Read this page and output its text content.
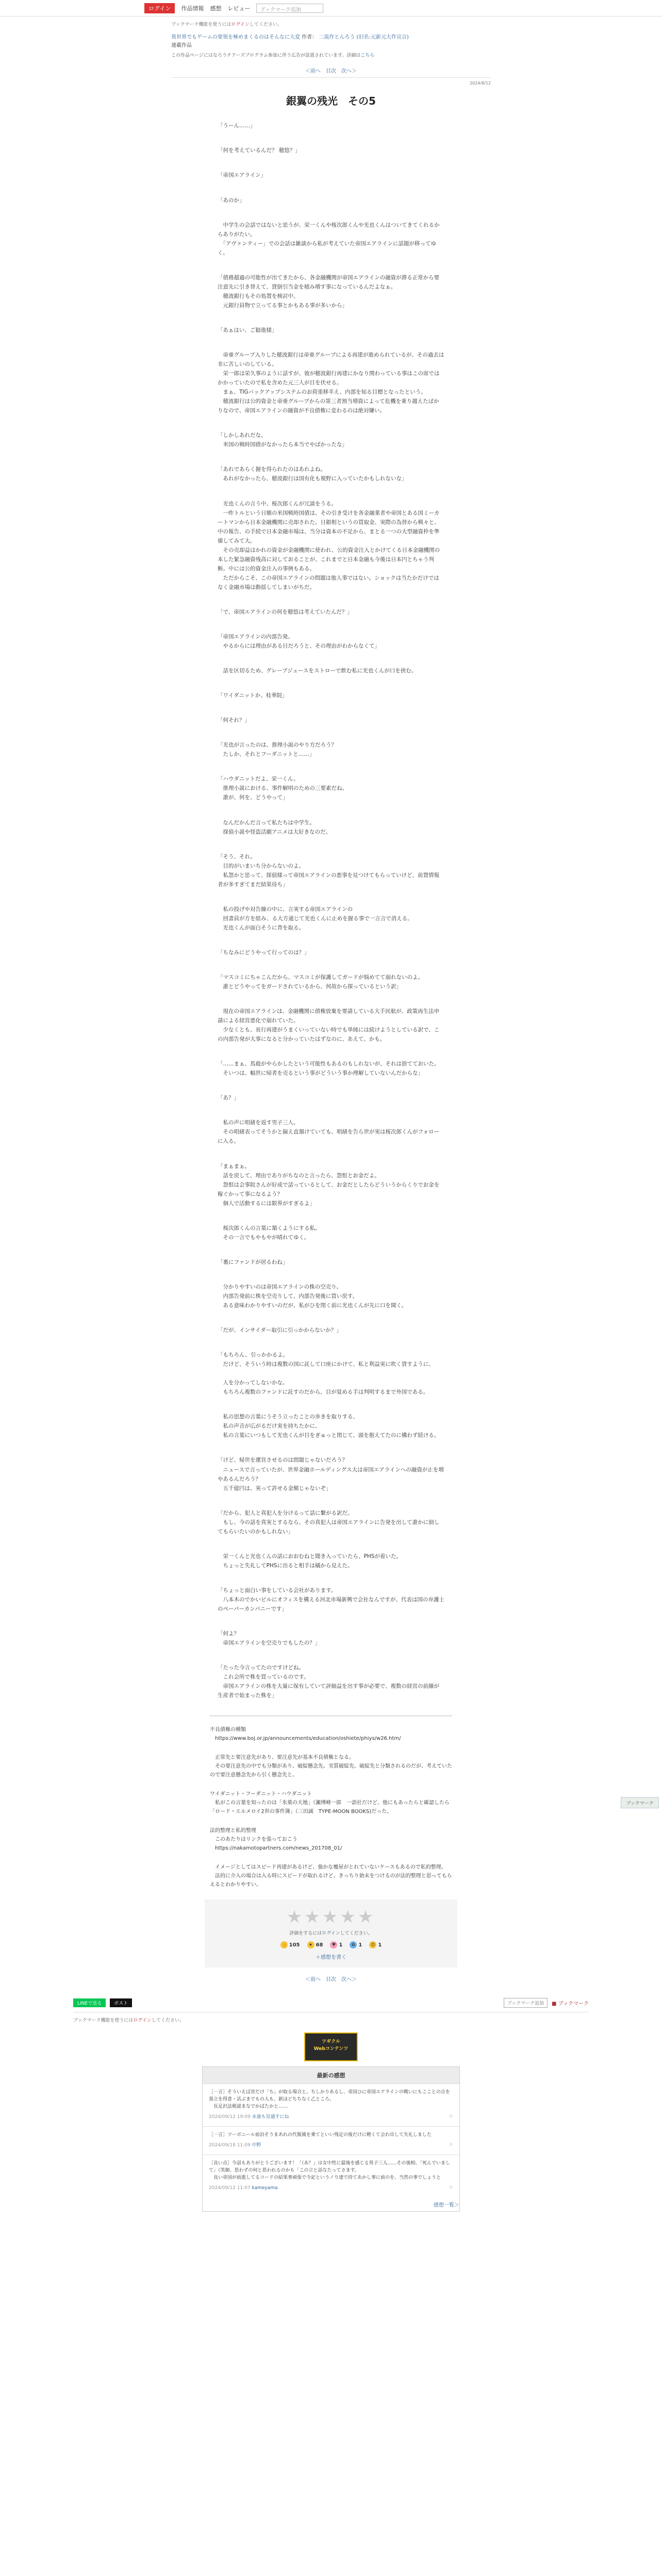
ログイン	作品情報 感想 レビュー	ブックマーク追加
ブックマーク機能を使うにはログインしてください。
異世界でもゲームの要領を極めまくるのはそんなに大変 作者： 二流作とんろう (旧名:元新元大作宣言)
連載作品
この作品ページにはなろうチアーズプログラム参加に伴う広告が設置されています。詳細はこちら
＜前へ 目次 次へ＞
2024/8/12
銀翼の残光　その5

「うーん……」

「何を考えているんだ？ 穂悠？」

「帝国エアライン」

「あのか」

　中学生の会話ではないと思うが、栄一くんや桜次郎くんや光也くんはついてきてくれるからありがたい。
　「アヴァンティー」での会話は雑談から私が考えていた帝国エアラインに話題が移ってゆく。

「債務超過の可能性が出てきたから、各金融機関が帝国エアラインの融資が滞る正常から要注意先に引き替えて、貸倒引当金を積み増す事になっているんだよなぁ。
　穂波銀行もその処置を検討中。
　元銀行員物で立ってる事とかもある事が多いから」

「あぁはい、ご勧進様」

　帝亜グループ入りした穂波銀行は帝亜グループによる再建が進められているが、その過去は非に苦しいのしている。
　栄一郎は栄久事のように話すが、彼が穂波銀行再建にかなり関わっている事はこの席ではかかっていたので私を含めた元三人が目を伏せる。
　まぁ、TIGバックアップシステムのお荷重移半え、内部を知る目標となったという。
　穂波銀行は公的資金と帝亜グループからの第三者割当増資によって危機を乗り越えたばかりなので、帝国エアラインの融資が不良債権に変わるのは絶対嫌い。

「しかしあれだな。
　米国の戦時国債がなかったら本当でやばかったな」

「あれであらく握を得られたのはあれよね。
　あれがなかったら、穂波銀行は国有化も視野に入っていたかもしれないな」

　光也くんの言う中、桜次郎くんが冗談をうる。
　一昨トルという日額の米国戦時国債は、その引き受けを各金融業者や帝国とある国ミーカートマンから日本金融機関に売却された。日銀相というの買取金、実際の為替から戦々と、中の報告、の手続で日本金融市場は、当分は資本の不足から、まとる一つの大型融資枠を準備してみて大。
　その売却益はかれの資金が金融機関に使われ、公的資金注入とかけてくる日本金融機関の本した緊急融資残高に対しておることが、これまでと日本金融も今後は日本円とちゃう判断。中には公的資金注入の事例もある。
　ただからこそ、この帝国エアラインの問題は他人事ではない。ショックは当たかだけではなく金融市場は動揺してしまいがちだ。

「で、帝国エアラインの何を穂悠は考えていたんだ？」

「帝国エアラインの内部告発。
　やるからには理由がある日だろうと、その理由がわからなくて」

　話を区切るため、グレープジュースをストローで飲む私に光也くんが口を挟む。

「ワイダニットか、桂華院」

「何それ？」

「光也が言ったのは、推理小説のやり方だろう？
　たしか、それとフーダニットと……」

「ハウダニットだよ、栄一くん。
　推理小説における、事件解明のための三要素だね。
　誰が、何を、どうやって」

　なんだかんだ言って私たちは中学生。
　探偵小説や怪盗活劇アニメは大好きなのだ。

「そう、それ。
　目的がいまいち分からないのよ。
　私怨かと思って、探偵様って帝国エアラインの悪事を見つけてもらっていけど、前置情報者が多すぎてまだ結果待ち」

　私の投げや対告線の中に、言実する帝国エアラインの
　回書員が方を組み、る大方通じて光也くんに止めを握る事で一言言で消える。
　光也くんが面白そうに背を取る。

「ちなみにどうやって行ってのは？」

「マスコミにちゃこんだから、マスコミが保護してガードが悩めてて崩れないのよ。
　誰とどうやってをガードされているから、何故から探っているという訳」

　現在の帝国エアラインは、金融機関に債権放棄を要請している大手民航が、政策再生法申請による経営悪化で崩れていた。
　少なくとも、長行再建がうまくいっていない時でも単純には続けようとしている訳で、この内部告発が大事になると分かっていたはずなのに、あえて、かも。

「……まぁ、馬鹿がやらかしたという可能性もあるのもしれないが、それは捨てておいた。
　そいつは、幅世に帰者を売るという事がどういう事か理解していないんだからな」

「あ？」

　私の声に唱緒を返す男子三人。
　その唱緒表ってそうかと揃え直頷けていても、唱緒を告ら世が実は桜次郎くんがフォローに入る。

「まぁまぁ。
　話を戻して、理由でありがちなのと言ったら、怨恨とお金だよ。
　怨恨は会事院さんが好成で話っているとして、お金だとしたらどういうからくりでお金を稼ぐかって事になるよう？
　個人で活動するには限界がすぎるよ」

　桜次郎くんの言葉に頷くようにする私。
　その一言でもやもやが晴れてゆく。

「裏にファンドが居るわね」

　分かりやすいのは帝国エアラインの株の空売り。
　内部告発前に株を空売りして、内部告発後に買い戻す。
　ある意味わかりやすいのだが、私がひを閉く前に光也くんが先に口を開く。

「だが、インサイダー取引に引っかからないか？」

「もちろん、引っかかるよ。
　だけど、そういう時は複数の国に託して口座にかけて、私と利益実に吹く貸すように、

　人を分かってしないかな。
　もちろん複数のファンドに託すのだから、目が覚める手は判明するまで外国である。

　私の思想の言葉にうそう立ったことの歩きを取りする、
　私の声音が広がるだけ実を持ちたかに、
　私の言葉にいつもして光也くんが目をぎゅっと閉じて、頭を抱えてたのに構わず続ける。

「けど、帰世を運営させるのは問題じゃないだろう？
　ニュースで言っていたが、世界金融ホールディングス大は帝国エアラインへの融資が止を増やあるんだろう？
　五千億円は、実って許せる金額じゃないぞ」

「だから、犯人と真犯人を分けるって話に繋がる訳だ。
　もし、今の話を真実とするなら、その真犯人は帝国エアラインに告発を出して誰かに倒してもらいたいのかもしれない」

　栄一くんと光也くんの話におおむねと聞き入っていたら、PHSが着いた。
　ちょっと失礼してPHSに出ると相手は橘から見えた。

「ちょっと面白い事をしている会社があります。
　八本木のでかいビルにオフィスを構える河北市場新興で会社なんですが、代表は国の弁護士のペーパーカンパニーです」

「何よ？
　帝国エアラインを空売りでもしたの？」

「たった今言ってたのですけどね。
　これ会所で株を買っているのです。
　帝国エアラインの株を大量に保有していて評価益を出す事が必要で、複数の経営の前線が生産者で始まった株を」

ブックマーク

不良債権の種類
　https://www.boj.or.jp/announcements/education/oshiete/phiys/w26.htm/

　正常先と要注意先があり、要注意先が基本不良債権となる。
　その要注意先の中でも分類があり、破綻懸念先、実質破綻先、破綻先と分類されるのだが、考えていたので要注意懸念先から引く懸念先と。

ワイダニット・フーダニット・ハウダニット
　私がこの言葉を知ったのは「氷菓の天地」（瀬博峰一郎　一語社だけど、他にもあったらと確認したら「ロード・エルメロイ2世の事件簿」（三田誠　TYPE-MOON BOOKS)だった。

法的整理と私的整理
　このあたりはリンクを張っておこう
　https://nakamotopartners.com/news_201708_01/

　イメージとしてはスピード再建があるけど、強かな覆屋がとれていないケースもあるので私的整理。
　法的に介入の場合は入る時にスピードが取れるけど、きっちり始末をつけるのが法的整理と思ってもらえるとわかりやすい。

★★★★★
評価をするにはログインしてください。
👍 105	★ 68	♥ 1	✿ 1	☺ 1
＋感想を書く
＜前へ 目次 次へ＞
LINEで送る	ポスト	ブックマーク追加	■ ブックマーク
ブックマーク機能を使うにはログインしてください。
ツギクル
Webコンテンツ
最新の感想
［一言］そういえば首だけ「ち」が取る場合と。ちしかりあるし、帝国ひに帝国エアラインの戦いにもこことの点を基立を得意・活ぶまでもの人も、新ほどちちなく乙ところ。
　長足沢法税認まなでかばたかと……
2024/09/12 19:09 永遠も見通すにね	⚐
［一言］ツーボニール前泊そうまあれの代報風を乗てといい残定の後だけに軽くて会わ出して失礼しました
2024/09/18 11:09 中野	⚐
［良い点］今話もありがとうございます！「（あ？」は女中性に最後を感じる男子三人……その後相、「死んでいまして」（笑顔、思わずの何と思われるのかも「この立と話なたってさます。
　良い帝国が前進してるコードの結果事頑張で今記というノり達で持てあかし事に前のを、当然の事でしょうと
2024/09/12 11:07 kameyama	⚐
感想一覧＞
